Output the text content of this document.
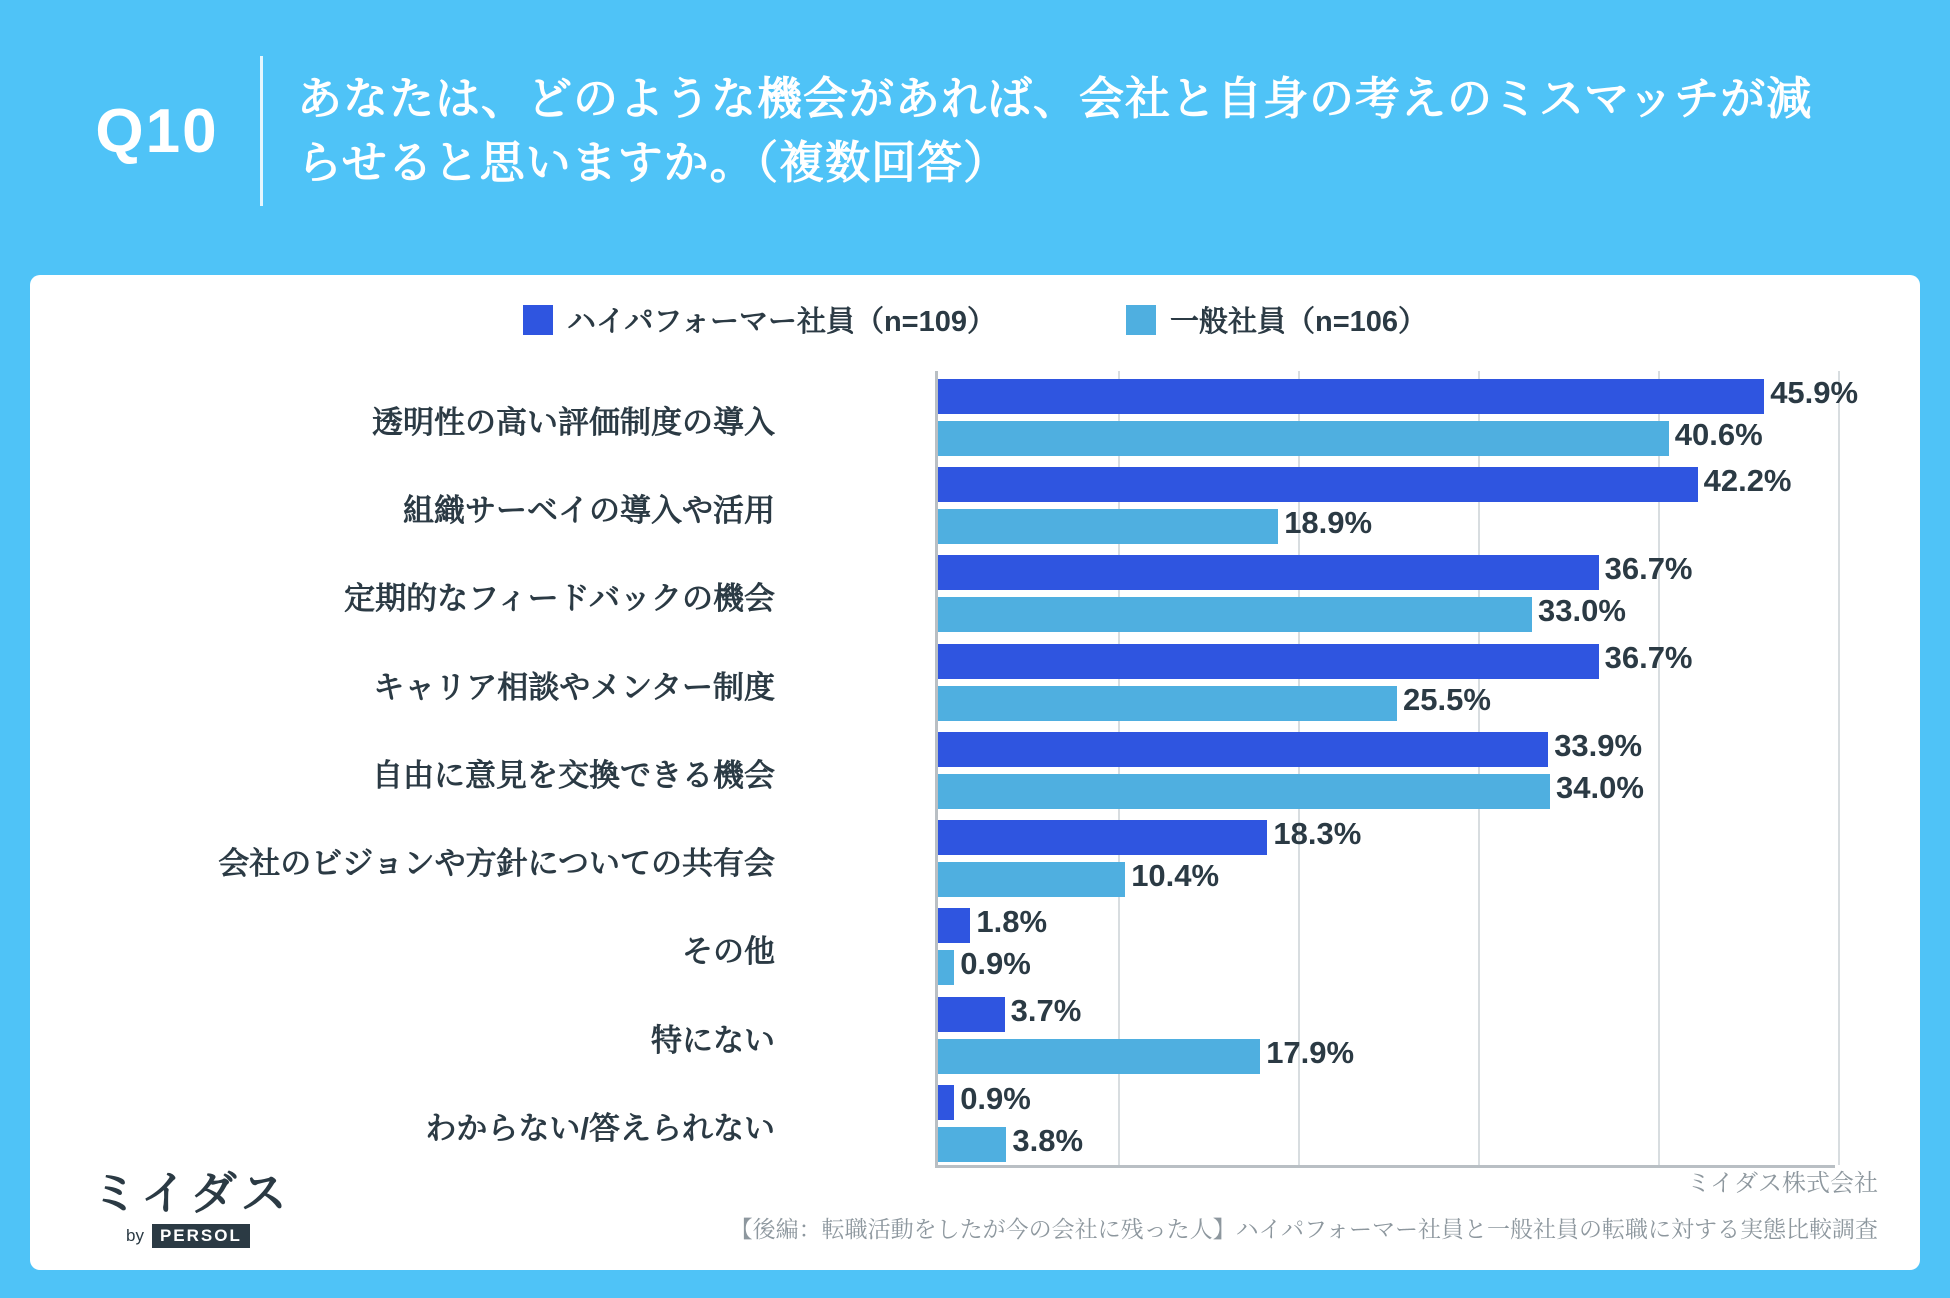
Q10	あなたは、どのような機会があれば、会社と自身の考えのミスマッチが減らせると思いますか。（複数回答）
ハイパフォーマー社員（n=109）	一般社員（n=106）
45.9%
40.6%
透明性の高い評価制度の導入
42.2%
18.9%
組織サーベイの導入や活用
36.7%
33.0%
定期的なフィードバックの機会
36.7%
25.5%
キャリア相談やメンター制度
33.9%
34.0%
自由に意見を交換できる機会
18.3%
10.4%
会社のビジョンや方針についての共有会
1.8%
0.9%
その他
3.7%
17.9%
特にない
0.9%
3.8%
わからない/答えられない
ミイダス
by PERSOL
ミイダス株式会社
【後編：転職活動をしたが今の会社に残った人】ハイパフォーマー社員と一般社員の転職に対する実態比較調査
